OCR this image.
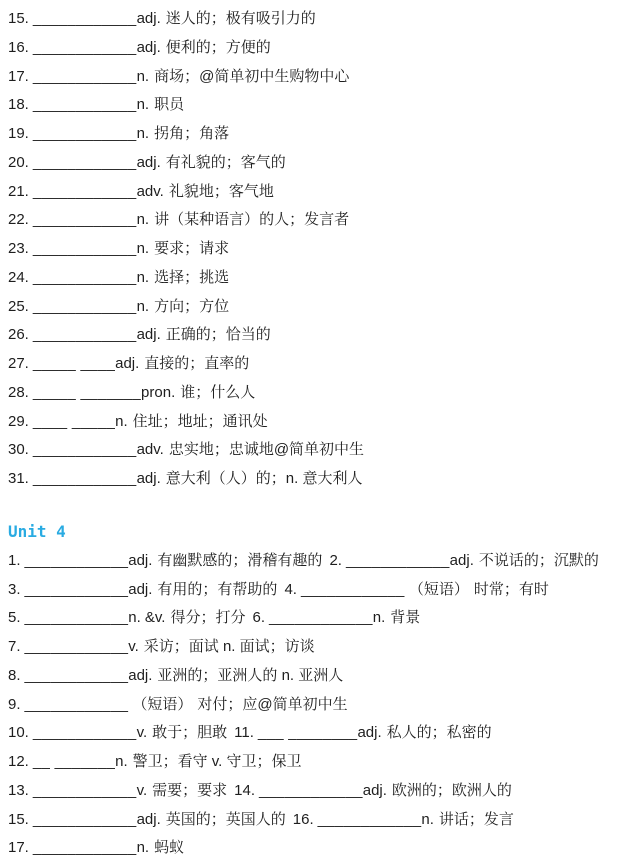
15. ____________adj. 迷人的；极有吸引力的
16. ____________adj. 便利的；方便的
17. ____________n. 商场；@简单初中生购物中心
18. ____________n. 职员
19. ____________n. 拐角；角落
20. ____________adj. 有礼貌的；客气的
21. ____________adv. 礼貌地；客气地
22. ____________n. 讲（某种语言）的人；发言者
23. ____________n. 要求；请求
24. ____________n. 选择；挑选
25. ____________n. 方向；方位
26. ____________adj. 正确的；恰当的
27. _____ ____adj. 直接的；直率的
28. _____ _______pron. 谁；什么人
29. ____ _____n. 住址；地址；通讯处
30. ____________adv. 忠实地；忠诚地@简单初中生
31. ____________adj. 意大利（人）的；n. 意大利人
Unit 4
1. ____________adj. 有幽默感的；滑稽有趣的 2. ____________adj. 不说话的；沉默的
3. ____________adj. 有用的；有帮助的 4. ____________ （短语） 时常；有时
5. ____________n. &v. 得分；打分 6. ____________n. 背景
7. ____________v. 采访；面试 n. 面试；访谈
8. ____________adj. 亚洲的；亚洲人的 n. 亚洲人
9. ____________ （短语） 对付；应@简单初中生
10. ____________v. 敢于；胆敢 11. ___ ________adj. 私人的；私密的
12. __ _______n. 警卫；看守 v. 守卫；保卫
13. ____________v. 需要；要求 14. ____________adj. 欧洲的；欧洲人的
15. ____________adj. 英国的；英国人的 16. ____________n. 讲话；发言
17. ____________n. 蚂蚁
